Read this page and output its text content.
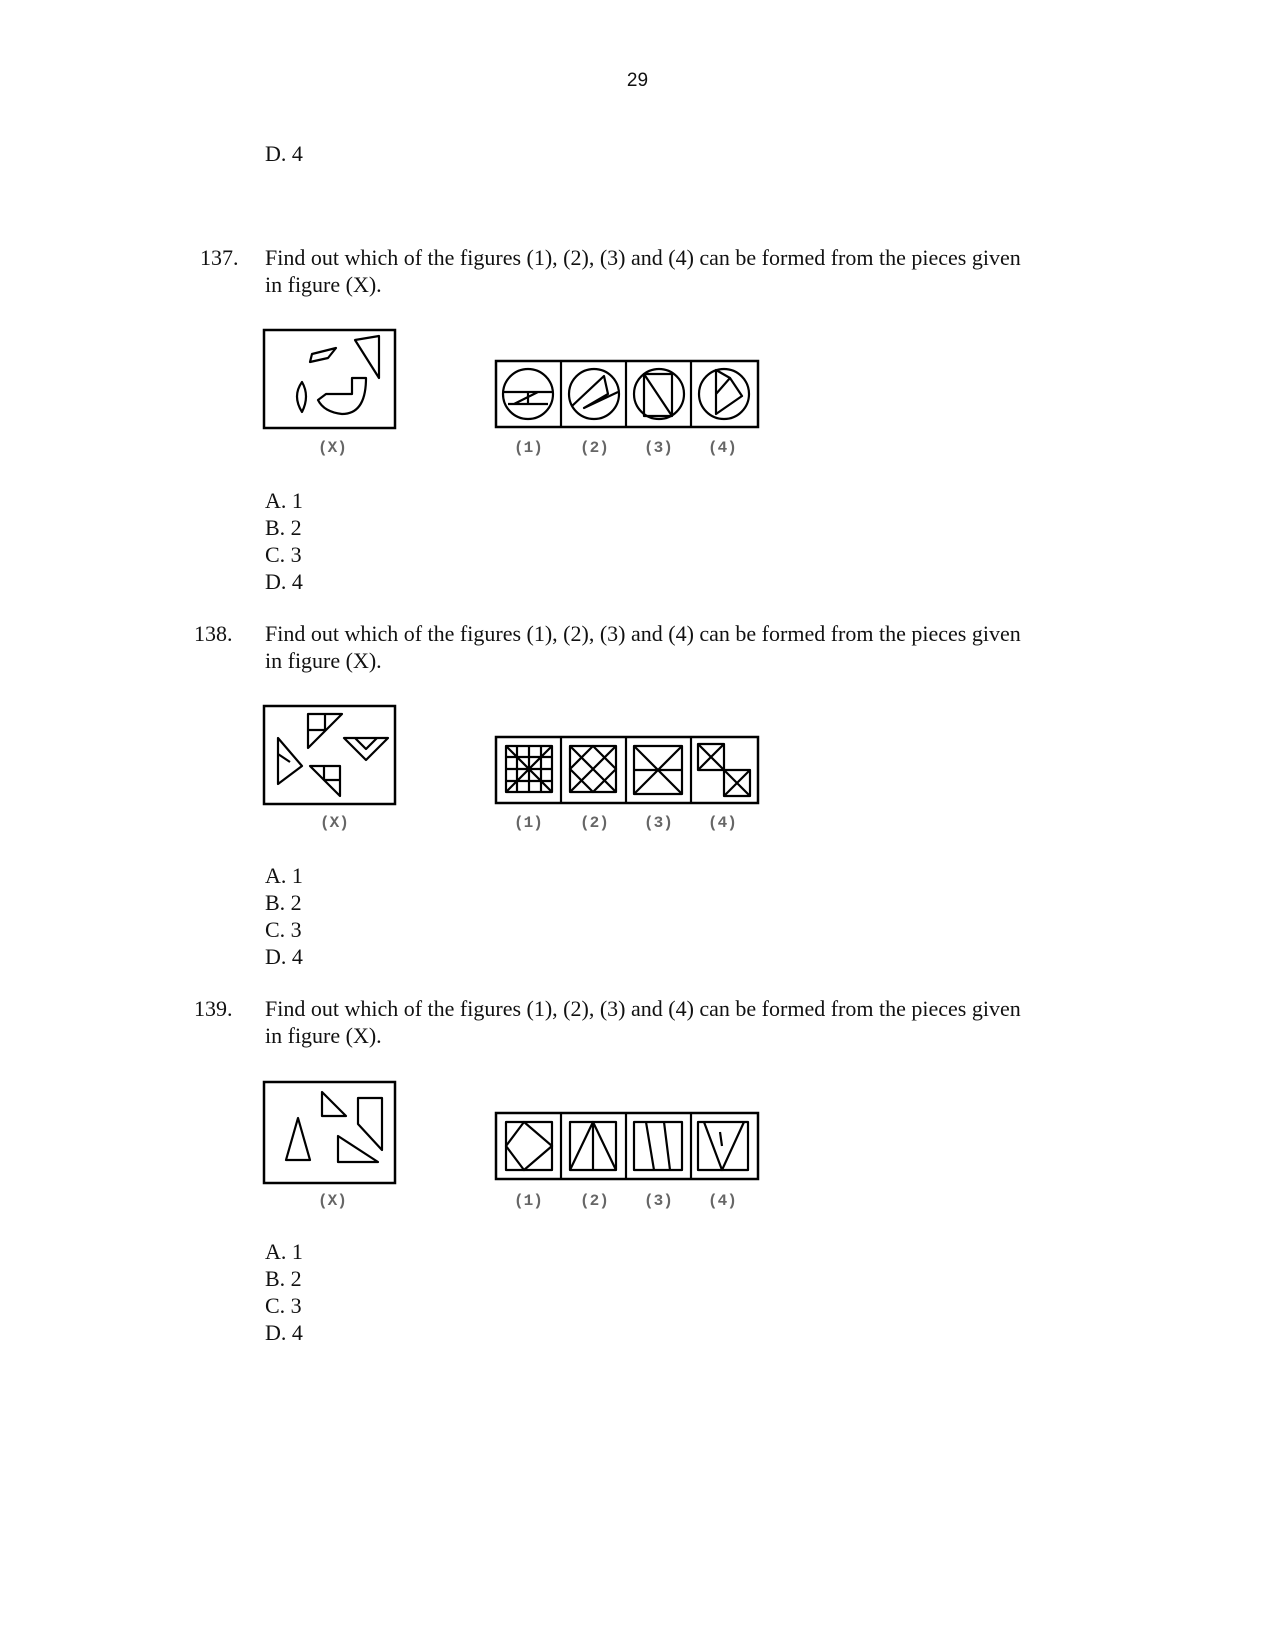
29
D. 4
137. Find out which of the figures (1), (2), (3) and (4) can be formed from the pieces given
in figure (X).
(X)	(1) (2) (3) (4)
A. 1
B. 2
C. 3
D. 4
138. Find out which of the figures (1), (2), (3) and (4) can be formed from the pieces given
in figure (X).
(X)	(1) (2) (3) (4)
A. 1
B. 2
C. 3
D. 4
139. Find out which of the figures (1), (2), (3) and (4) can be formed from the pieces given
in figure (X).
(X)	(1) (2) (3) (4)
A. 1
B. 2
C. 3
D. 4
